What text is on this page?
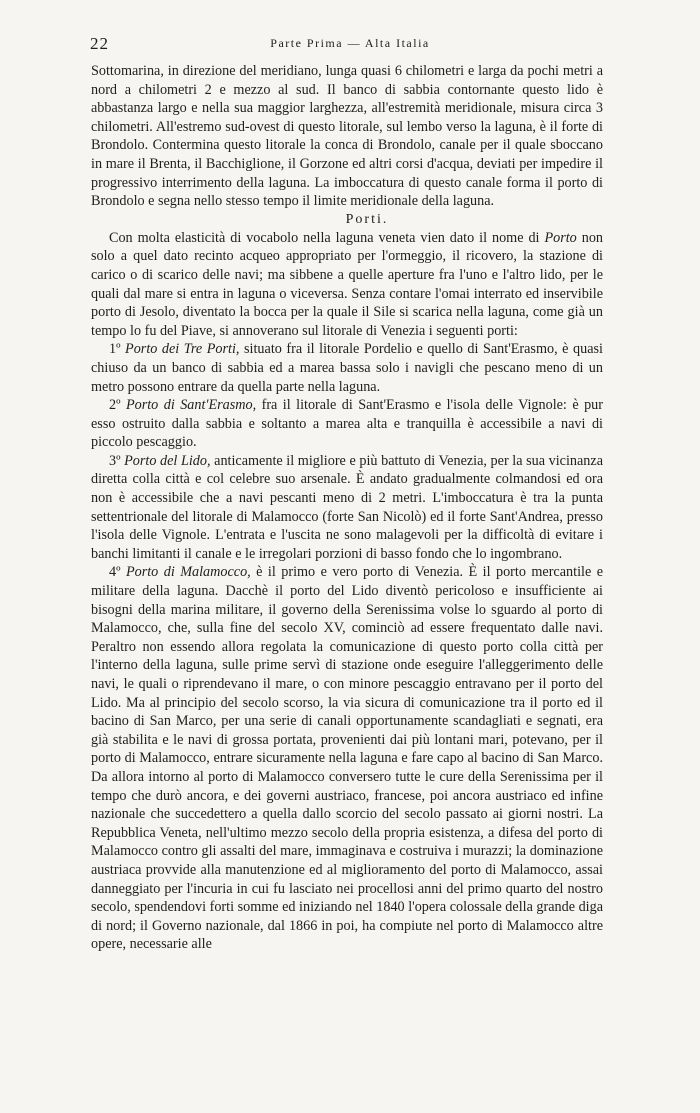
22	Parte Prima — Alta Italia

Sottomarina, in direzione del meridiano, lunga quasi 6 chilometri e larga da pochi metri a nord a chilometri 2 e mezzo al sud. Il banco di sabbia contornante questo lido è abbastanza largo e nella sua maggior larghezza, all'estremità meridionale, misura circa 3 chilometri. All'estremo sud-ovest di questo litorale, sul lembo verso la laguna, è il forte di Brondolo. Contermina questo litorale la conca di Brondolo, canale per il quale sboccano in mare il Brenta, il Bacchiglione, il Gorzone ed altri corsi d'acqua, deviati per impedire il progressivo interrimento della laguna. La imboccatura di questo canale forma il porto di Brondolo e segna nello stesso tempo il limite meridionale della laguna.

Porti.

Con molta elasticità di vocabolo nella laguna veneta vien dato il nome di Porto non solo a quel dato recinto acqueo appropriato per l'ormeggio, il ricovero, la stazione di carico o di scarico delle navi; ma sibbene a quelle aperture fra l'uno e l'altro lido, per le quali dal mare si entra in laguna o viceversa. Senza contare l'omai interrato ed inservibile porto di Jesolo, diventato la bocca per la quale il Sile si scarica nella laguna, come già un tempo lo fu del Piave, si annoverano sul litorale di Venezia i seguenti porti:

1º Porto dei Tre Porti, situato fra il litorale Pordelio e quello di Sant'Erasmo, è quasi chiuso da un banco di sabbia ed a marea bassa solo i navigli che pescano meno di un metro possono entrare da quella parte nella laguna.

2º Porto di Sant'Erasmo, fra il litorale di Sant'Erasmo e l'isola delle Vignole: è pur esso ostruito dalla sabbia e soltanto a marea alta e tranquilla è accessibile a navi di piccolo pescaggio.

3º Porto del Lido, anticamente il migliore e più battuto di Venezia, per la sua vicinanza diretta colla città e col celebre suo arsenale. È andato gradualmente colmandosi ed ora non è accessibile che a navi pescanti meno di 2 metri. L'imboccatura è tra la punta settentrionale del litorale di Malamocco (forte San Nicolò) ed il forte Sant'Andrea, presso l'isola delle Vignole. L'entrata e l'uscita ne sono malagevoli per la difficoltà di evitare i banchi limitanti il canale e le irregolari porzioni di basso fondo che lo ingombrano.

4º Porto di Malamocco, è il primo e vero porto di Venezia. È il porto mercantile e militare della laguna. Dacchè il porto del Lido diventò pericoloso e insufficiente ai bisogni della marina militare, il governo della Serenissima volse lo sguardo al porto di Malamocco, che, sulla fine del secolo XV, cominciò ad essere frequentato dalle navi. Peraltro non essendo allora regolata la comunicazione di questo porto colla città per l'interno della laguna, sulle prime servì di stazione onde eseguire l'alleggerimento delle navi, le quali o riprendevano il mare, o con minore pescaggio entravano per il porto del Lido. Ma al principio del secolo scorso, la via sicura di comunicazione tra il porto ed il bacino di San Marco, per una serie di canali opportunamente scandagliati e segnati, era già stabilita e le navi di grossa portata, provenienti dai più lontani mari, potevano, per il porto di Malamocco, entrare sicuramente nella laguna e fare capo al bacino di San Marco. Da allora intorno al porto di Malamocco conversero tutte le cure della Serenissima per il tempo che durò ancora, e dei governi austriaco, francese, poi ancora austriaco ed infine nazionale che succedettero a quella dallo scorcio del secolo passato ai giorni nostri. La Repubblica Veneta, nell'ultimo mezzo secolo della propria esistenza, a difesa del porto di Malamocco contro gli assalti del mare, immaginava e costruiva i murazzi; la dominazione austriaca provvide alla manutenzione ed al miglioramento del porto di Malamocco, assai danneggiato per l'incuria in cui fu lasciato nei procellosi anni del primo quarto del nostro secolo, spendendovi forti somme ed iniziando nel 1840 l'opera colossale della grande diga di nord; il Governo nazionale, dal 1866 in poi, ha compiute nel porto di Malamocco altre opere, necessarie alle
